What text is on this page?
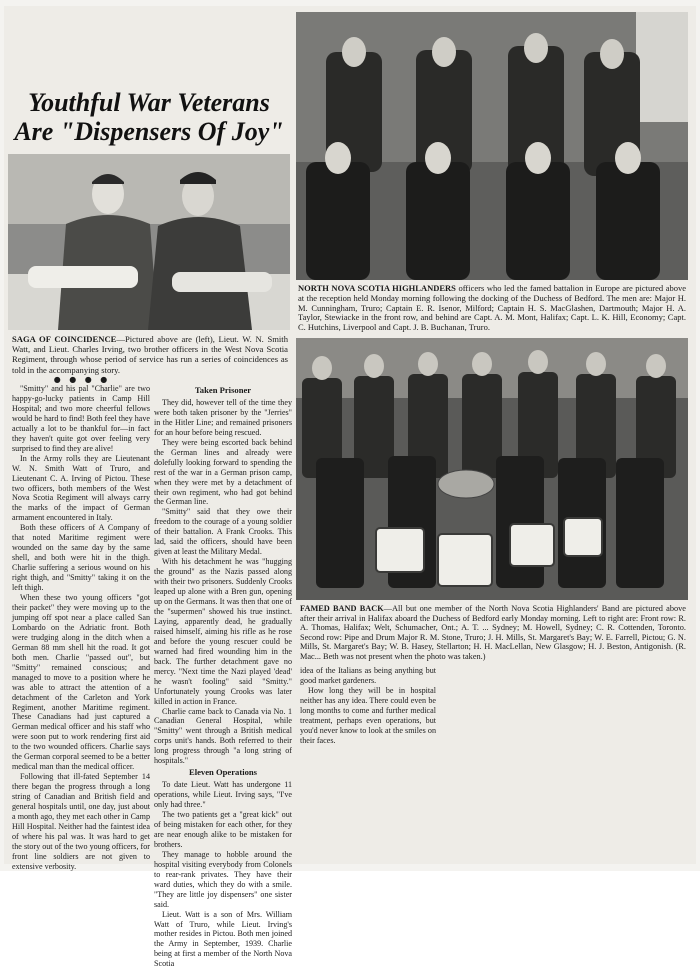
Youthful War Veterans
Are "Dispensers Of Joy"
SAGA OF COINCIDENCE—Pictured above are (left), Lieut. W. N. Smith Watt, and Lieut. Charles Irving, two brother officers in the West Nova Scotia Regiment, through whose period of service has run a series of coincidences as told in the accompanying story.
● ● ● ●

"Smitty" and his pal "Charlie" are two happy-go-lucky patients in Camp Hill Hospital; and two more cheerful fellows would be hard to find! Both feel they have actually a lot to be thankful for—in fact they haven't quite got over feeling very surprised to find they are alive!

In the Army rolls they are Lieutenant W. N. Smith Watt of Truro, and Lieutenant C. A. Irving of Pictou. These two officers, both members of the West Nova Scotia Regiment will always carry the marks of the impact of German armament encountered in Italy.

Both these officers of A Company of that noted Maritime regiment were wounded on the same day by the same shell, and both were hit in the thigh. Charlie suffering a serious wound on his right thigh, and "Smitty" taking it on the left thigh.

When these two young officers "got their packet" they were moving up to the jumping off spot near a place called San Lombardo on the Adriatic front. Both were trudging along in the ditch when a German 88 mm shell hit the road. It got both men. Charlie "passed out", but "Smitty" remained conscious; and managed to move to a position where he was able to attract the attention of a detachment of the Carleton and York Regiment, another Maritime regiment. These Canadians had just captured a German medical officer and his staff who were soon put to work rendering first aid to the two wounded officers. Charlie says the German corporal seemed to be a better medical man than the medical officer.

Following that ill-fated September 14 there began the progress through a long string of Canadian and British field and general hospitals until, one day, just about a month ago, they met each other in Camp Hill Hospital. Neither had the faintest idea of where his pal was. It was hard to get the story out of the two young officers, for front line soldiers are not given to extensive verbosity.

Taken Prisoner

They did, however tell of the time they were both taken prisoner by the "Jerries" in the Hitler Line; and remained prisoners for an hour before being rescued.

They were being escorted back behind the German lines and already were dolefully looking forward to spending the rest of the war in a German prison camp, when they were met by a detachment of their own regiment, who had got behind the German line.

"Smitty" said that they owe their freedom to the courage of a young soldier of their battalion. A Frank Crooks. This lad, said the officers, should have been given at least the Military Medal.

With his detachment he was "hugging the ground" as the Nazis passed along with their two prisoners. Suddenly Crooks leaped up alone with a Bren gun, opening up on the Germans. It was then that one of the "supermen" showed his true instinct. Laying, apparently dead, he gradually raised himself, aiming his rifle as he rose and before the young rescuer could be warned had fired wounding him in the back. The further detachment gave no mercy. "Next time the Nazi played 'dead' he wasn't fooling" said "Smitty." Unfortunately young Crooks was later killed in action in France.

Charlie came back to Canada via No. 1 Canadian General Hospital, while "Smitty" went through a British medical corps unit's hands. Both referred to their long progress through "a long string of hospitals."

Eleven Operations

To date Lieut. Watt has undergone 11 operations, while Lieut. Irving says, "I've only had three."

The two patients get a "great kick" out of being mistaken for each other, for they are near enough alike to be mistaken for brothers.

They manage to hobble around the hospital visiting everybody from Colonels to rear-rank privates. They have their ward duties, which they do with a smile. "They are little joy dispensers" one sister said.

Lieut. Watt is a son of Mrs. William Watt of Truro, while Lieut. Irving's mother resides in Pictou. Both men joined the Army in September, 1939. Charlie being at first a member of the North Nova Scotia

NORTH NOVA SCOTIA HIGHLANDERS officers who led the famed battalion in Europe are pictured above at the reception held Monday morning following the docking of the Duchess of Bedford. The men are: Major H. M. Cunningham, Truro; Captain E. R. Isenor, Milford; Captain H. S. MacGlashen, Dartmouth; Major H. A. Taylor, Stewiacke in the front row, and behind are Capt. A. M. Mont, Halifax; Capt. L. K. Hill, Economy; Capt. C. Hutchins, Liverpool and Capt. J. B. Buchanan, Truro.
FAMED BAND BACK—All but one member of the North Nova Scotia Highlanders' Band are pictured above after their arrival in Halifax aboard the Duchess of Bedford early Monday morning. Left to right are: Front row: R. A. Thomas, Halifax; Welt, Schumacher, Ont.; A. T. ... Sydney; M. Howell, Sydney; C. R. Cottenden, Toronto. Second row: Pipe and Drum Major R. M. Stone, Truro; J. H. Mills, St. Margaret's Bay; W. E. Farrell, Pictou; G. N. Mills, St. Margaret's Bay; W. B. Hasey, Stellarton; H. H. MacLellan, New Glasgow; H. J. Beston, Antigonish. (R. Mac... Beth was not present when the photo was taken.)

idea of the Italians as being anything but good market gardeners.

How long they will be in hospital neither has any idea. There could even be long months to come and further medical treatment, perhaps even operations, but you'd never know to look at the smiles on their faces.
